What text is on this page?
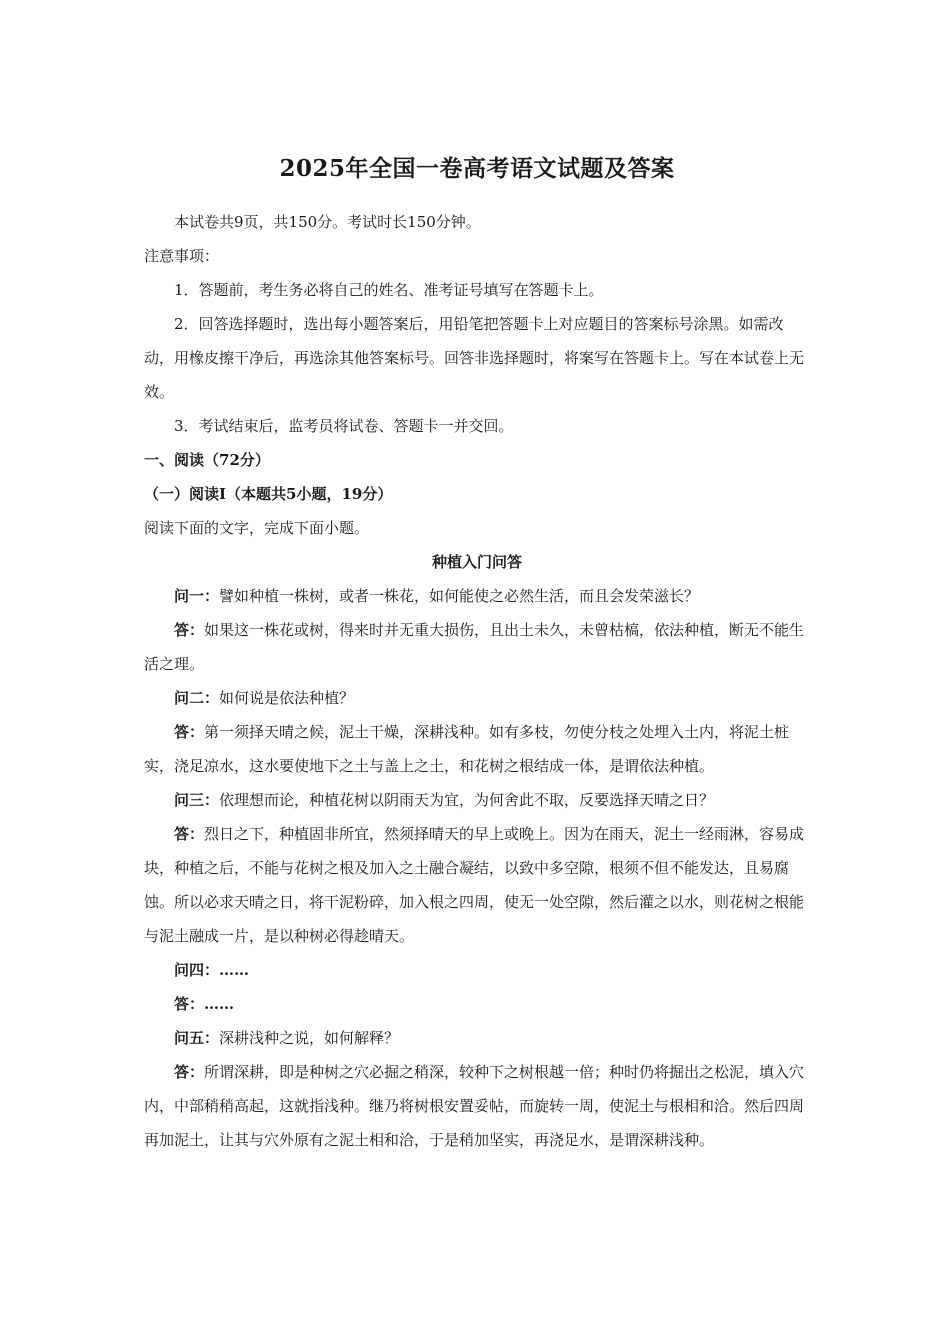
2025年全国一卷高考语文试题及答案

本试卷共9页，共150分。考试时长150分钟。

注意事项：

1．答题前，考生务必将自己的姓名、准考证号填写在答题卡上。

2．回答选择题时，选出每小题答案后，用铅笔把答题卡上对应题目的答案标号涂黑。如需改动，用橡皮擦干净后，再选涂其他答案标号。回答非选择题时，将案写在答题卡上。写在本试卷上无效。

3．考试结束后，监考员将试卷、答题卡一并交回。

一、阅读（72分）

（一）阅读Ⅰ（本题共5小题，19分）

阅读下面的文字，完成下面小题。

种植入门问答

问一：譬如种植一株树，或者一株花，如何能使之必然生活，而且会发荣滋长？

答：如果这一株花或树，得来时并无重大损伤，且出土未久，未曾枯槁，依法种植，断无不能生活之理。

问二：如何说是依法种植？

答：第一须择天晴之候，泥土干燥，深耕浅种。如有多枝，勿使分枝之处埋入土内，将泥土桩实，浇足凉水，这水要使地下之土与盖上之土，和花树之根结成一体，是谓依法种植。

问三：依理想而论，种植花树以阴雨天为宜，为何舍此不取，反要选择天晴之日？

答：烈日之下，种植固非所宜，然须择晴天的早上或晚上。因为在雨天，泥土一经雨淋，容易成块，种植之后，不能与花树之根及加入之土融合凝结，以致中多空隙，根须不但不能发达，且易腐蚀。所以必求天晴之日，将干泥粉碎，加入根之四周，使无一处空隙，然后灌之以水，则花树之根能与泥土融成一片，是以种树必得趁晴天。

问四：……

答：……

问五：深耕浅种之说，如何解释？

答：所谓深耕，即是种树之穴必掘之稍深，较种下之树根越一倍；种时仍将掘出之松泥，填入穴内，中部稍稍高起，这就指浅种。继乃将树根安置妥帖，而旋转一周，使泥土与根相和洽。然后四周再加泥土，让其与穴外原有之泥土相和洽，于是稍加坚实，再浇足水，是谓深耕浅种。
